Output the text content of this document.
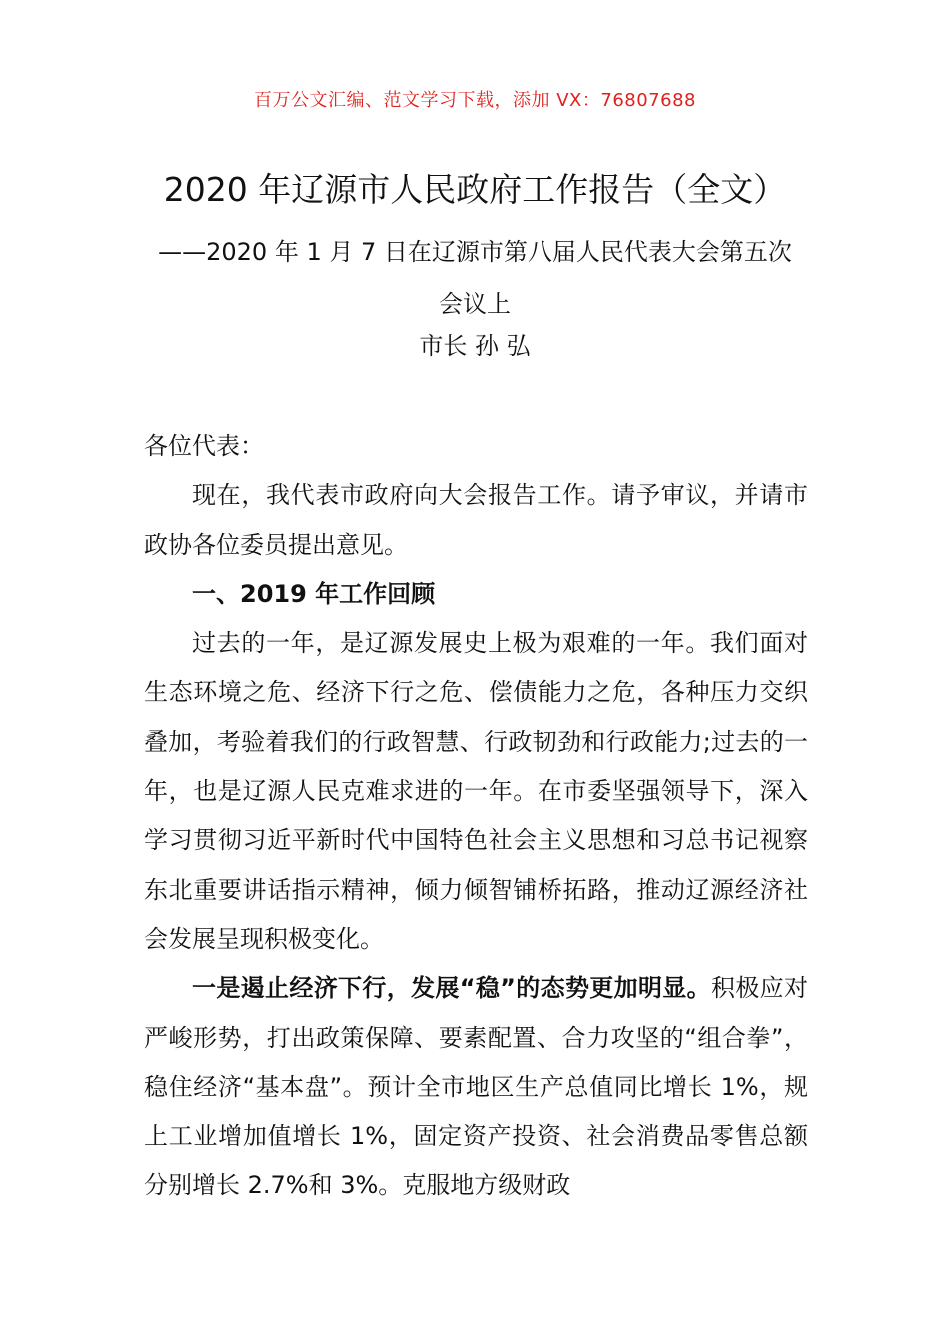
百万公文汇编、范文学习下载，添加 VX：76807688
2020 年辽源市人民政府工作报告（全文）
——2020 年 1 月 7 日在辽源市第八届人民代表大会第五次会议上
市长 孙 弘

各位代表：

现在，我代表市政府向大会报告工作。请予审议，并请市政协各位委员提出意见。

一、2019 年工作回顾

过去的一年，是辽源发展史上极为艰难的一年。我们面对生态环境之危、经济下行之危、偿债能力之危，各种压力交织叠加，考验着我们的行政智慧、行政韧劲和行政能力;过去的一年，也是辽源人民克难求进的一年。在市委坚强领导下，深入学习贯彻习近平新时代中国特色社会主义思想和习总书记视察东北重要讲话指示精神，倾力倾智铺桥拓路，推动辽源经济社会发展呈现积极变化。

一是遏止经济下行，发展“稳”的态势更加明显。积极应对严峻形势，打出政策保障、要素配置、合力攻坚的“组合拳”，稳住经济“基本盘”。预计全市地区生产总值同比增长 1%，规上工业增加值增长 1%，固定资产投资、社会消费品零售总额分别增长 2.7%和 3%。克服地方级财政
